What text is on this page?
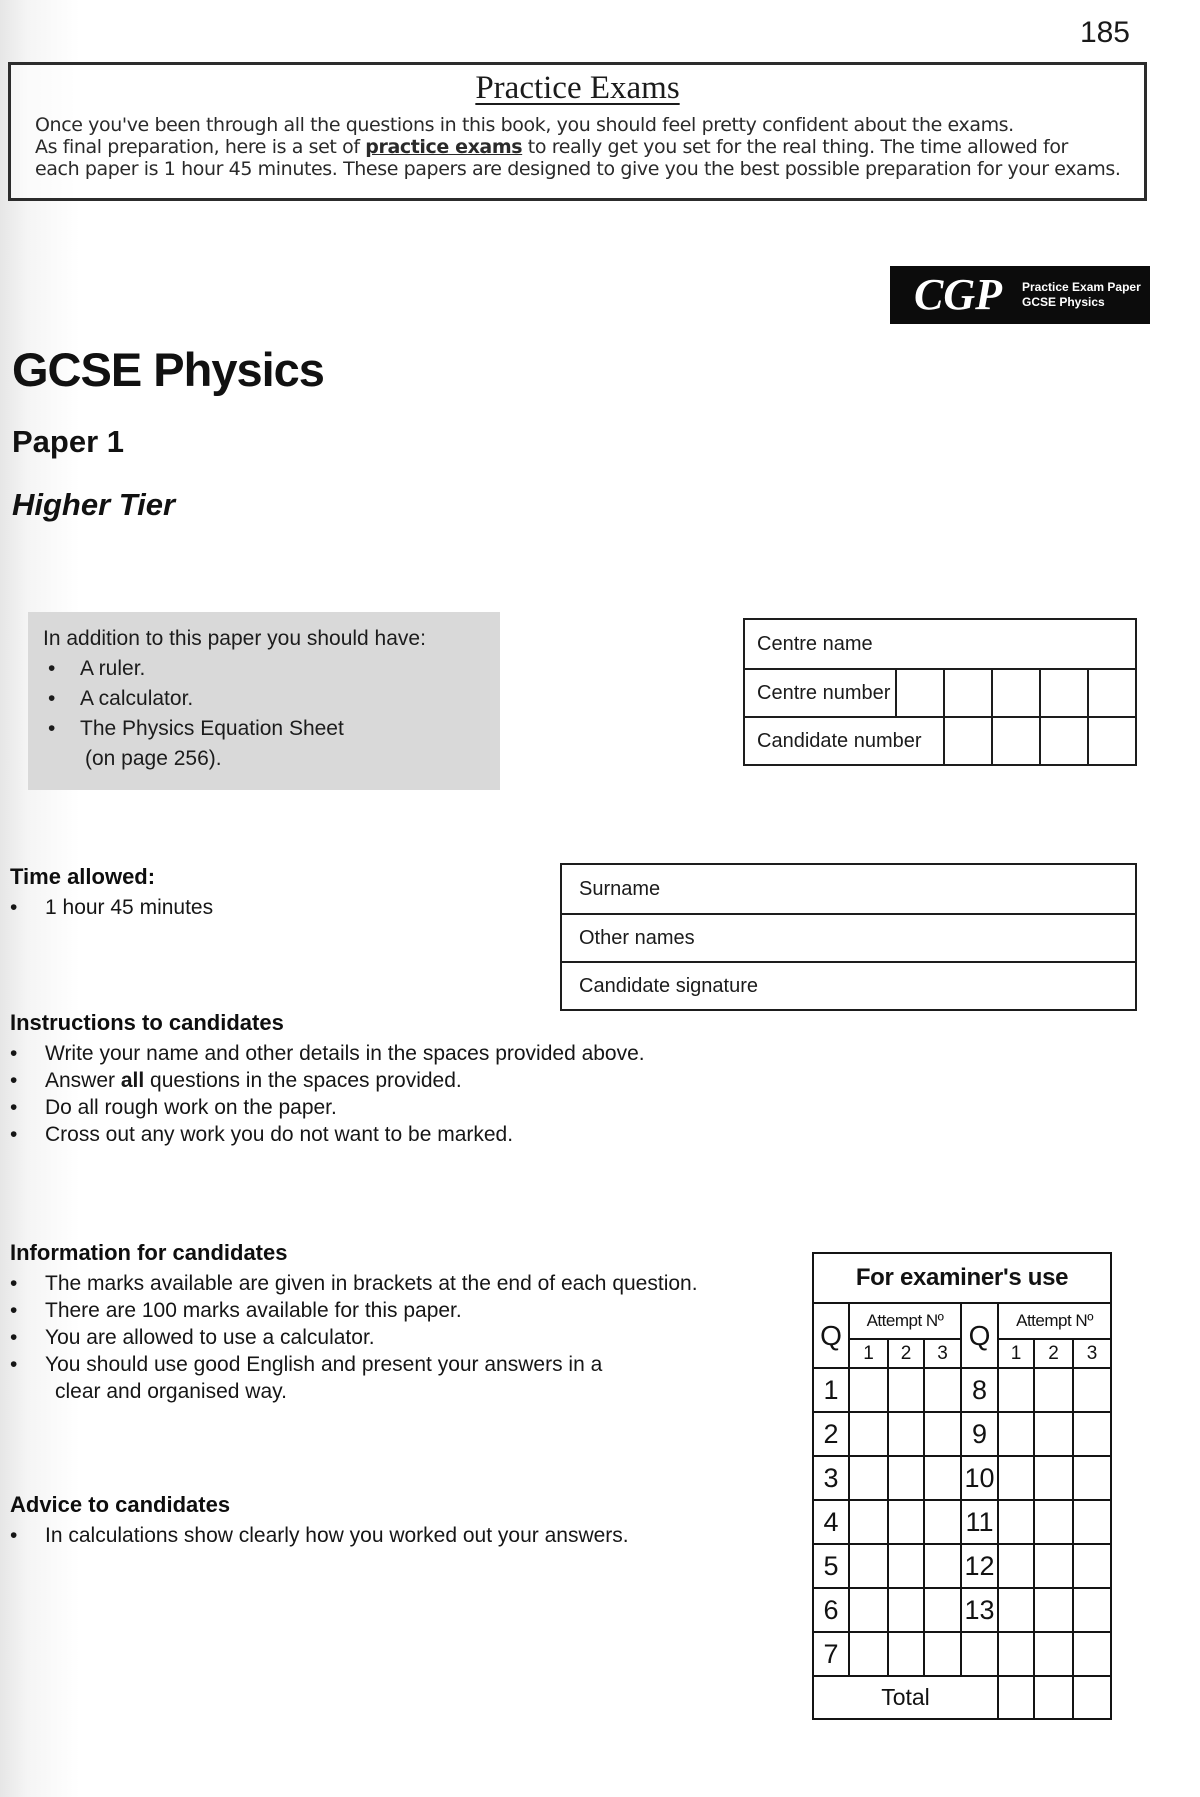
185
Practice Exams
Once you've been through all the questions in this book, you should feel pretty confident about the exams.
As final preparation, here is a set of practice exams to really get you set for the real thing. The time allowed for
each paper is 1 hour 45 minutes. These papers are designed to give you the best possible preparation for your exams.
CGP Practice Exam Paper
GCSE Physics
GCSE Physics
Paper 1
Higher Tier
In addition to this paper you should have:
•
A ruler.
•
A calculator.
•
The Physics Equation Sheet
(on page 256).
Centre name
Centre number
Candidate number
Time allowed:
•
1 hour 45 minutes
Surname
Other names
Candidate signature
Instructions to candidates
•
Write your name and other details in the spaces provided above.
•
Answer all questions in the spaces provided.
•
Do all rough work on the paper.
•
Cross out any work you do not want to be marked.
Information for candidates
•
The marks available are given in brackets at the end of each question.
•
There are 100 marks available for this paper.
•
You are allowed to use a calculator.
•
You should use good English and present your answers in a
clear and organised way.
Advice to candidates
•
In calculations show clearly how you worked out your answers.
For examiner's use							
Q	Attempt Nº			Q	Attempt Nº		
	1	2	3		1	2	3
1				8			
2				9			
3				10			
4				11			
5				12			
6				13			
7							
Total							
